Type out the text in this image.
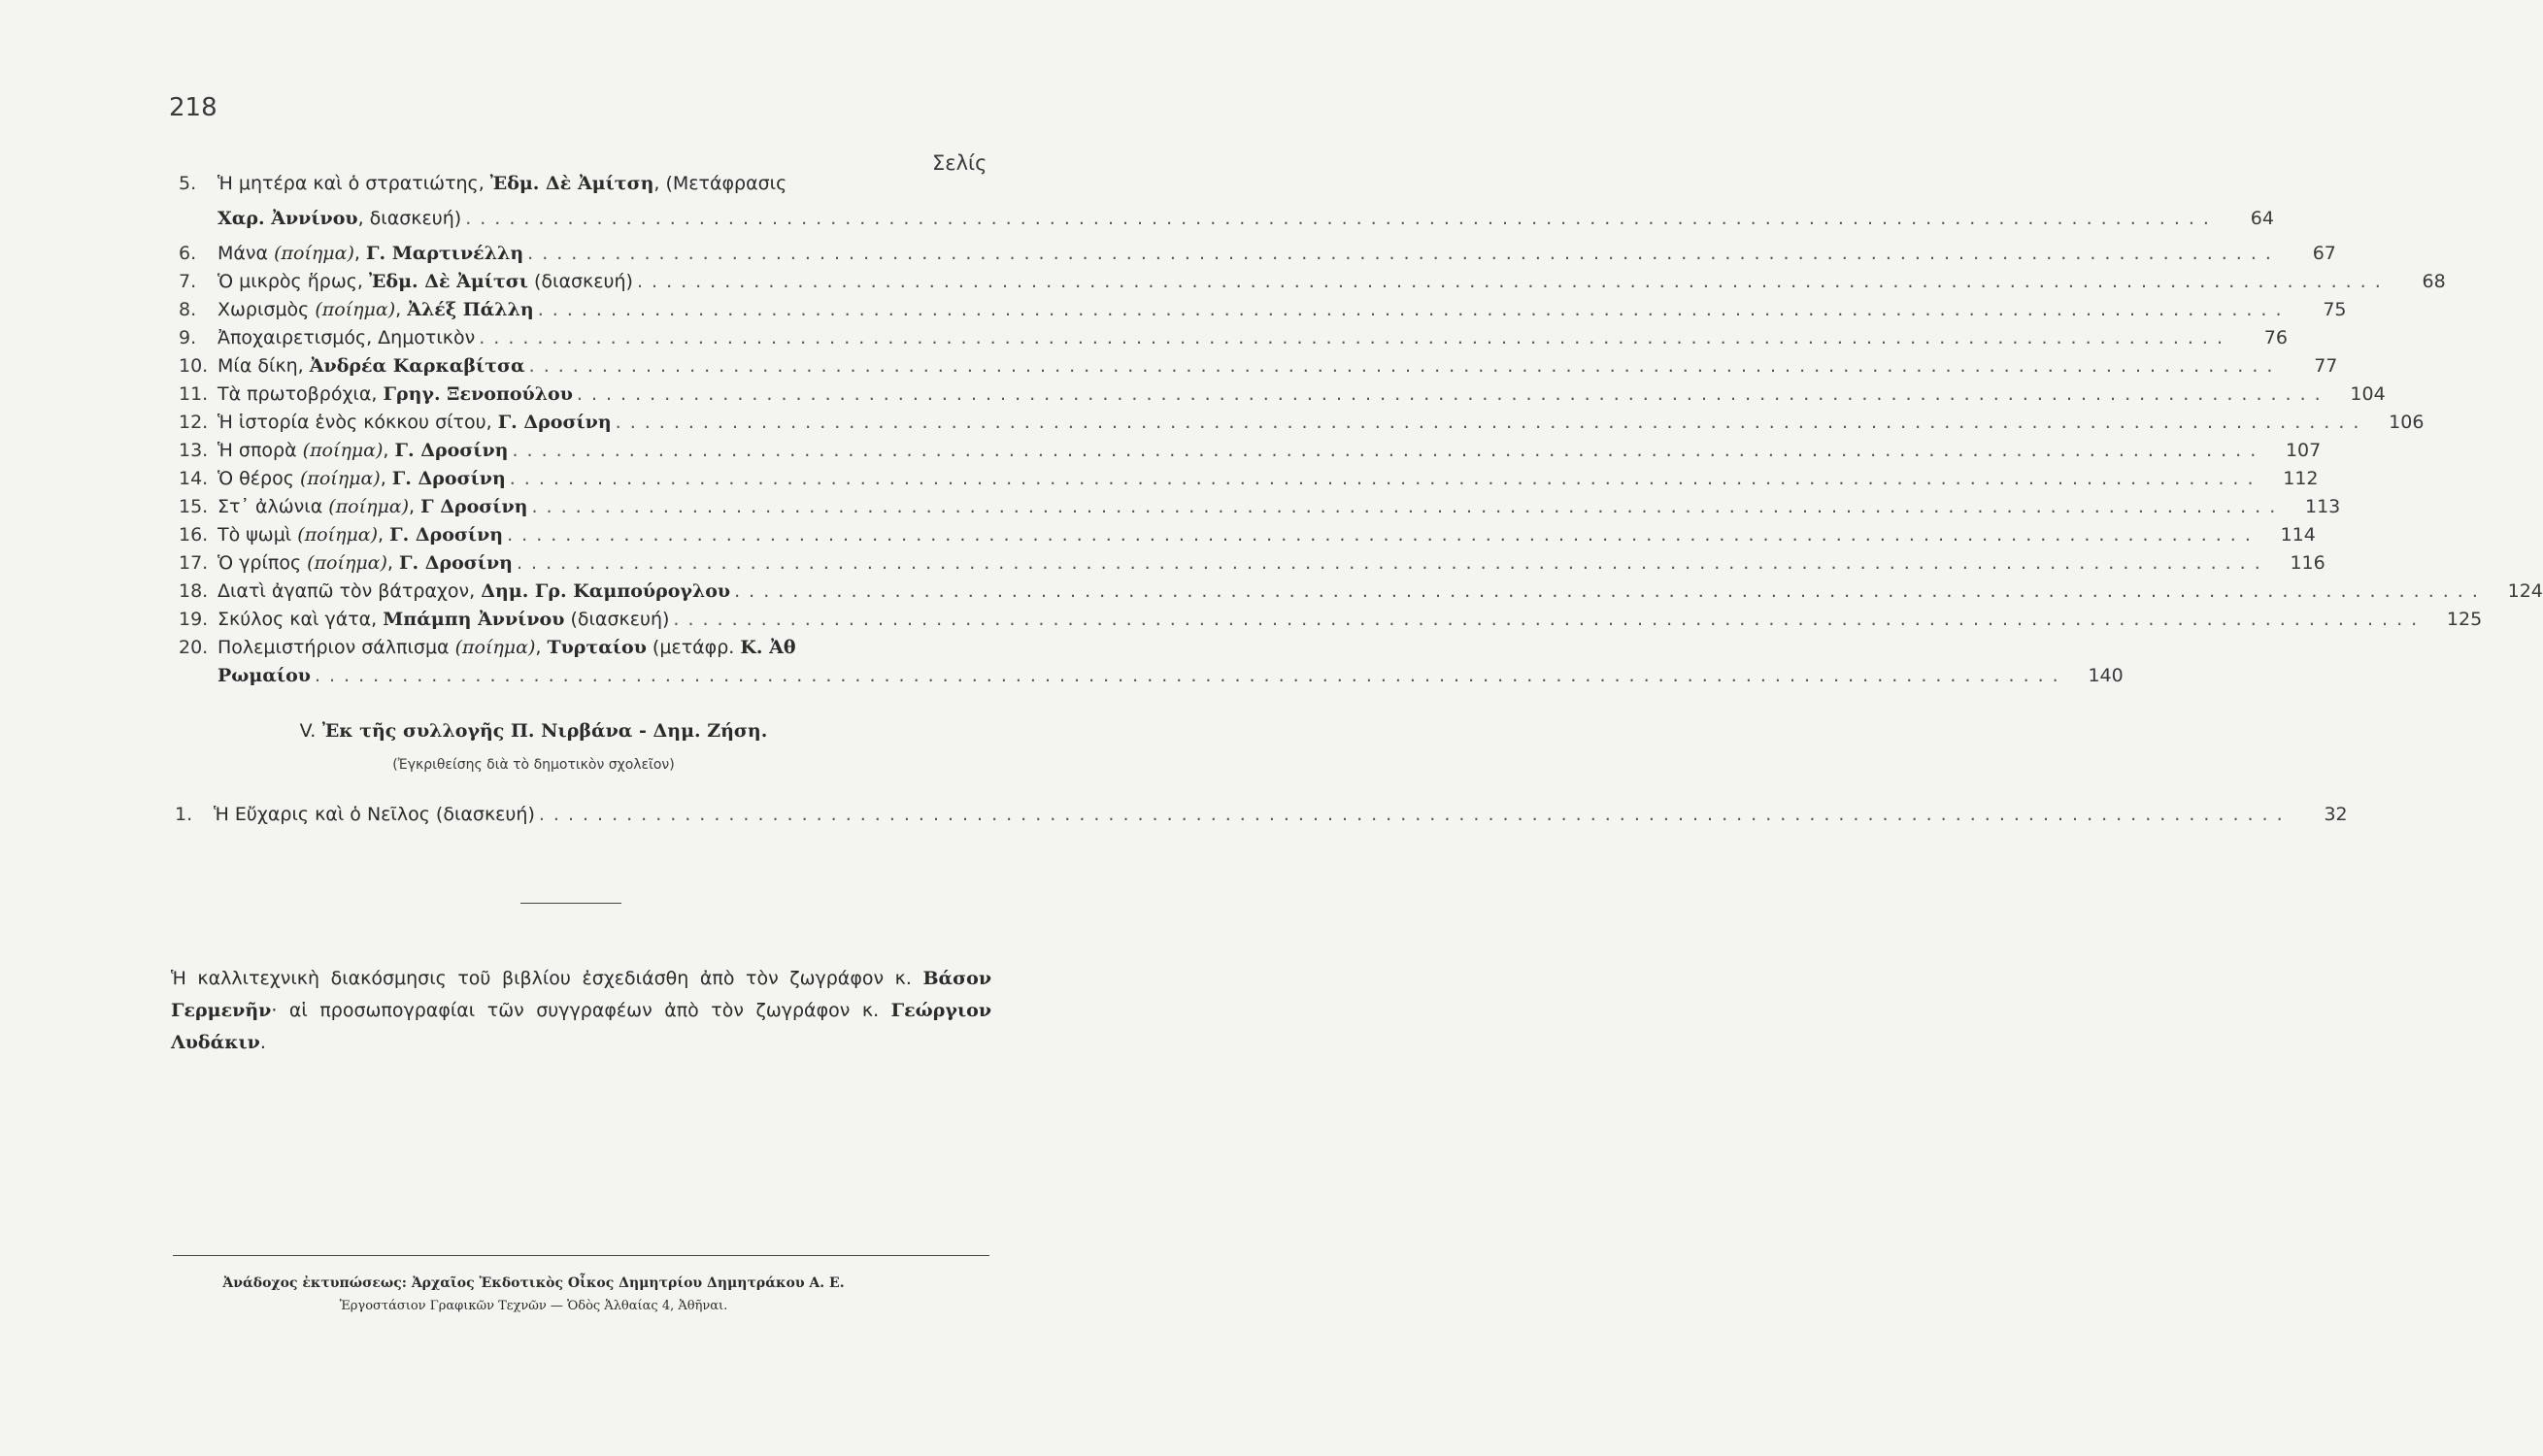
218
Σελίς
5.	Ἡ μητέρα καὶ ὁ στρατιώτης, Ἐδμ. Δὲ Ἀμίτση, (Μετάφρασις
Χαρ. Ἀννίνου, διασκευή) ........................................................................................................................	64
6.	Μάνα (ποίημα), Γ. Μαρτινέλλη ........................................................................................................................	67
7.	Ὁ μικρὸς ἥρως, Ἐδμ. Δὲ Ἀμίτσι (διασκευή) ........................................................................................................................	68
8.	Χωρισμὸς (ποίημα), Ἀλέξ Πάλλη ........................................................................................................................	75
9.	Ἀποχαιρετισμός, Δημοτικὸν ........................................................................................................................	76
10. Μία δίκη, Ἀνδρέα Καρκαβίτσα ........................................................................................................................	77
11. Τὰ πρωτοβρόχια, Γρηγ. Ξενοπούλου ........................................................................................................................	104
12. Ἡ ἱστορία ἑνὸς κόκκου σίτου, Γ. Δροσίνη ........................................................................................................................	106
13. Ἡ σπορὰ (ποίημα), Γ. Δροσίνη ........................................................................................................................	107
14. Ὁ θέρος (ποίημα), Γ. Δροσίνη ........................................................................................................................	112
15. Στ᾽ ἀλώνια (ποίημα), Γ Δροσίνη ........................................................................................................................	113
16. Τὸ ψωμὶ (ποίημα), Γ. Δροσίνη ........................................................................................................................	114
17. Ὁ γρίπος (ποίημα), Γ. Δροσίνη ........................................................................................................................	116
18. Διατὶ ἀγαπῶ τὸν βάτραχον, Δημ. Γρ. Καμπούρογλου ........................................................................................................................	124
19. Σκύλος καὶ γάτα, Μπάμπη Ἀννίνου (διασκευή) ........................................................................................................................	125
20. Πολεμιστήριον σάλπισμα (ποίημα), Τυρταίου (μετάφρ. Κ. Ἀθ
Ρωμαίου ........................................................................................................................	140
V. Ἐκ τῆς συλλογῆς Π. Νιρβάνα - Δημ. Ζήση.
(Ἐγκριθείσης διὰ τὸ δημοτικὸν σχολεῖον)
1.	Ἡ Εὔχαρις καὶ ὁ Νεῖλος (διασκευή) ........................................................................................................................	32
Ἡ καλλιτεχνικὴ διακόσμησις τοῦ βιβλίου ἐσχεδιάσθη ἀπὸ τὸν ζωγράφον κ. Βάσον Γερμενῆν· αἱ προσωπογραφίαι τῶν συγγραφέων ἀπὸ τὸν ζωγράφον κ. Γεώργιον Λυδάκιν.
Ἀνάδοχος ἐκτυπώσεως: Ἀρχαῖος Ἐκδοτικὸς Οἶκος Δημητρίου Δημητράκου Α. Ε.
Ἐργοστάσιον Γραφικῶν Τεχνῶν — Ὁδὸς Ἀλθαίας 4, Ἀθῆναι.
